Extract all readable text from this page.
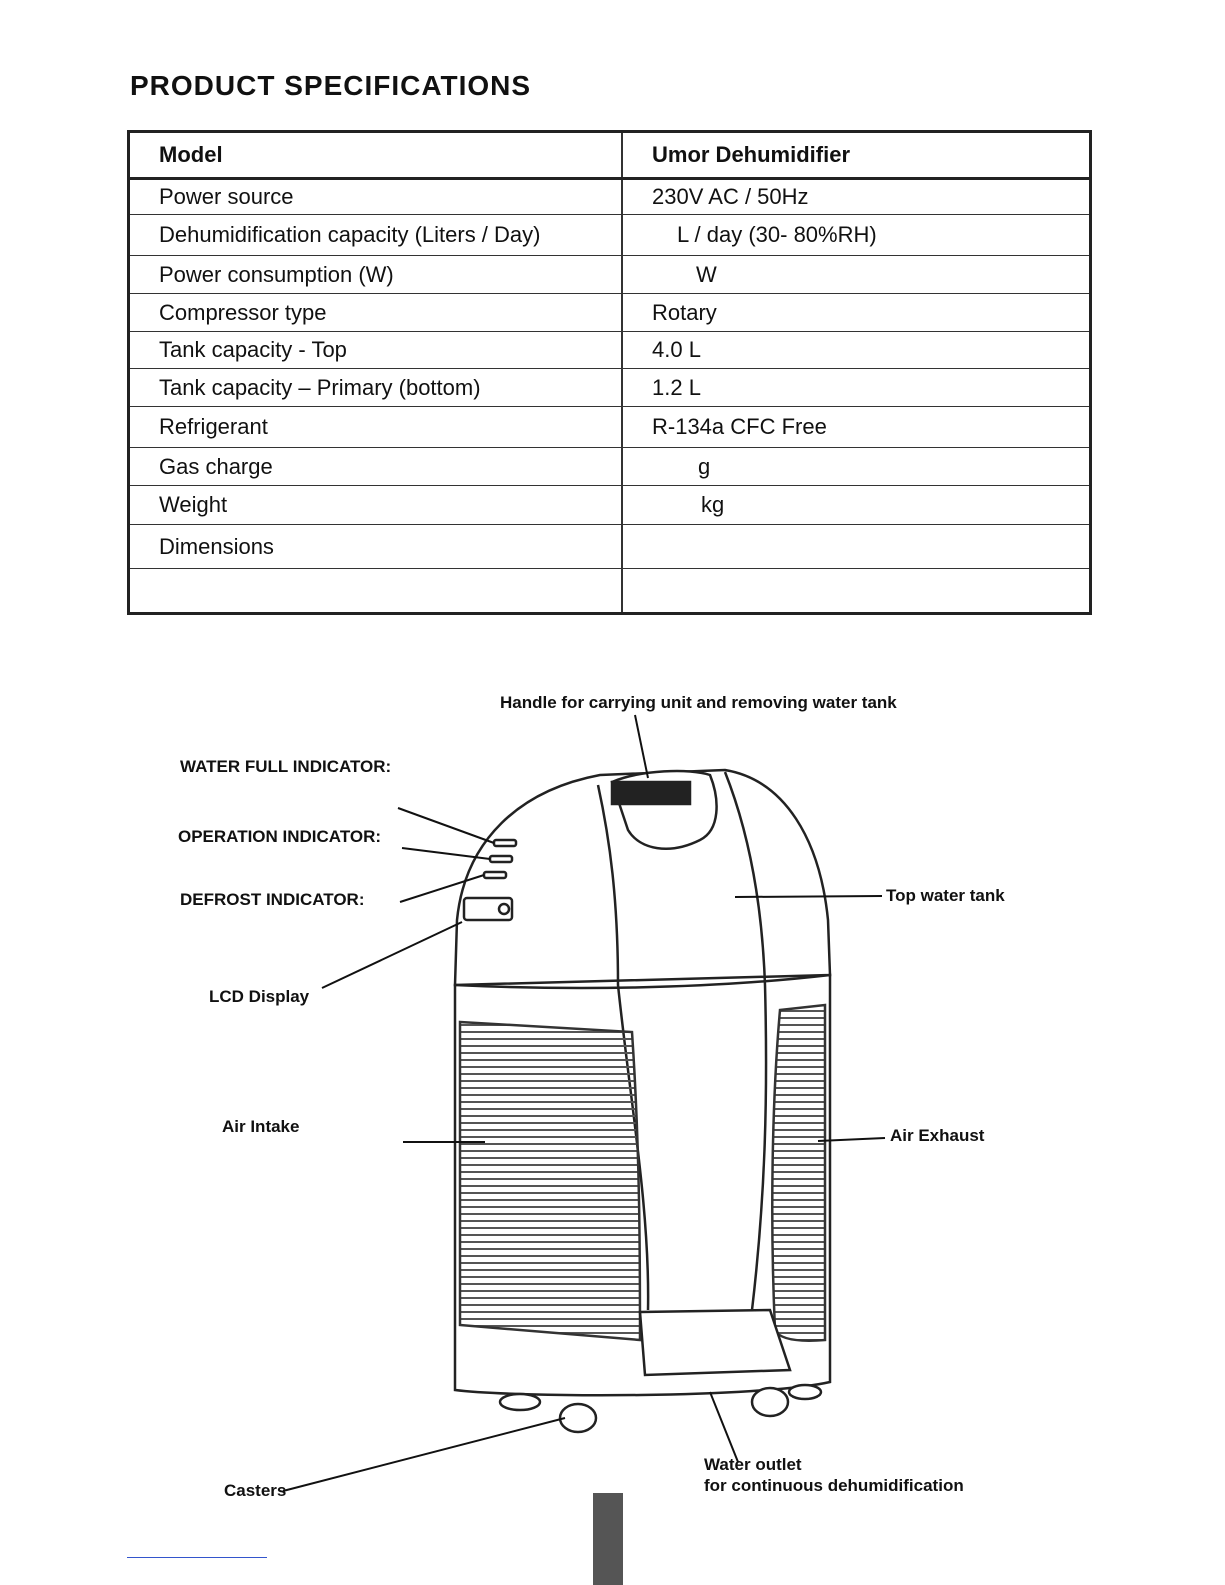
PRODUCT SPECIFICATIONS
Model	Umor Dehumidifier
Power source	230V AC / 50Hz
Dehumidification capacity (Liters / Day)	L / day (30- 80%RH)
Power consumption (W)	W
Compressor type	Rotary
Tank capacity - Top	4.0 L
Tank capacity – Primary (bottom)	1.2 L
Refrigerant	R-134a CFC Free
Gas charge	g
Weight	kg
Dimensions	

Handle for carrying unit and removing water tank
WATER FULL INDICATOR:
OPERATION INDICATOR:
DEFROST INDICATOR:
LCD Display
Top water tank
Air Intake	Air Exhaust
Water outlet
for continuous dehumidification
Casters
